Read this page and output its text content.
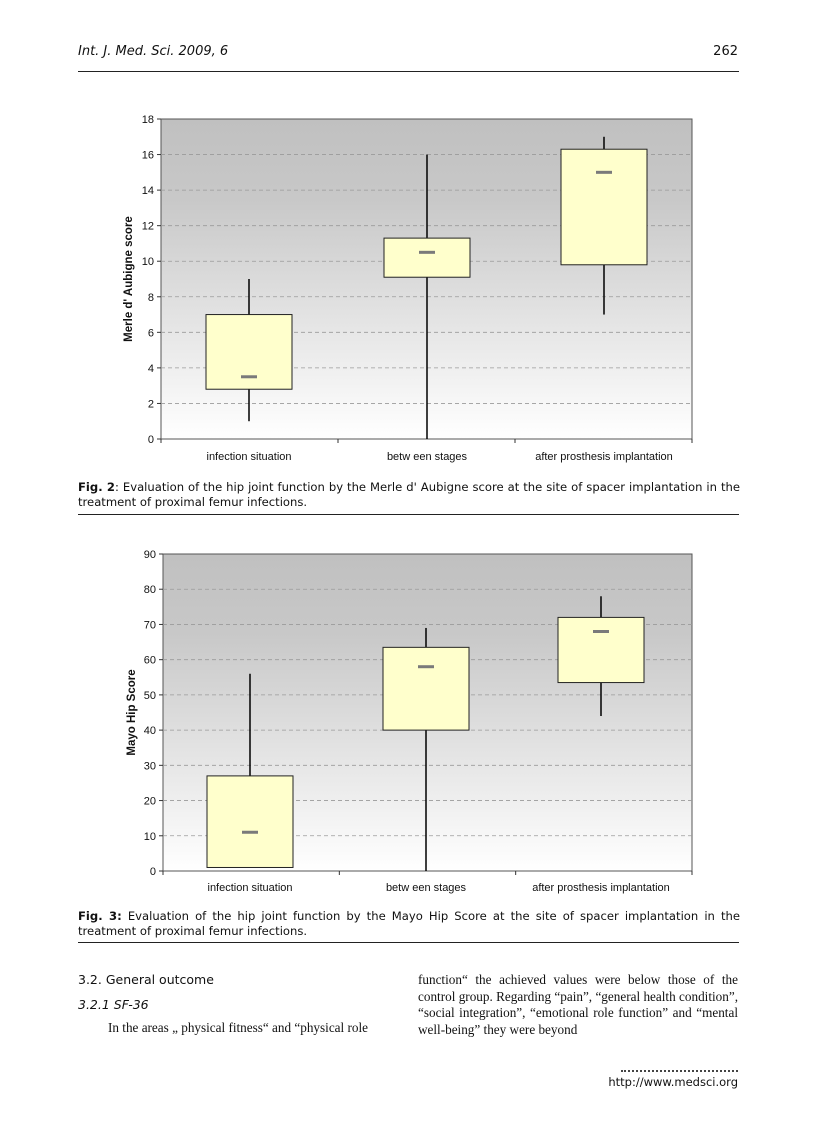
Int. J. Med. Sci. 2009, 6	262
0
2
4
6
8
10
12
14
16
18
infection situation	betw een stages	after prosthesis implantation
Merle d' Aubigne score
Fig. 2: Evaluation of the hip joint function by the Merle d' Aubigne score at the site of spacer implantation in the treatment of proximal femur infections.
0
10
20
30
40
50
60
70
80
90
infection situation	betw een stages	after prosthesis implantation
Mayo Hip Score
Fig. 3: Evaluation of the hip joint function by the Mayo Hip Score at the site of spacer implantation in the treatment of proximal femur infections.

3.2. General outcome

3.2.1 SF-36

In the areas „ physical fitness“ and “physical role

function“ the achieved values were below those of the control group. Regarding “pain”, “general health condition”, “social integration”, “emotional role function” and “mental well-being” they were beyond
http://www.medsci.org
